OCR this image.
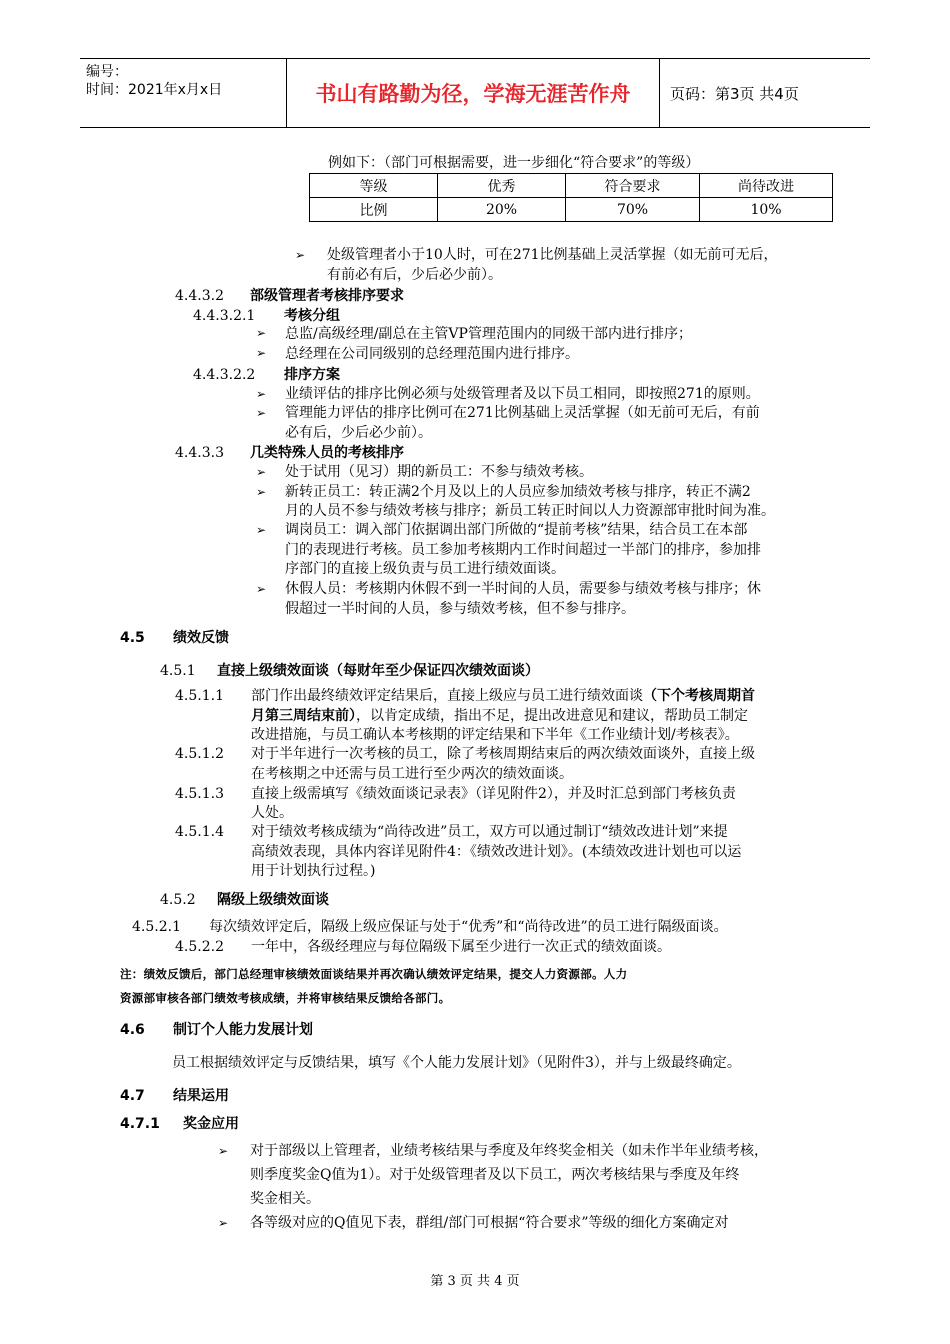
编号：
时间：2021年x月x日	书山有路勤为径，学海无涯苦作舟	页码：第3页 共4页
例如下：（部门可根据需要，进一步细化“符合要求”的等级）
等级	优秀	符合要求	尚待改进
比例	20%	70%	10%
➢ 处级管理者小于10人时，可在271比例基础上灵活掌握（如无前可无后，
有前必有后，少后必少前）。
4.4.3.2 部级管理者考核排序要求
4.4.3.2.1 考核分组
➢ 总监/高级经理/副总在主管VP管理范围内的同级干部内进行排序；
➢ 总经理在公司同级别的总经理范围内进行排序。
4.4.3.2.2 排序方案
➢ 业绩评估的排序比例必须与处级管理者及以下员工相同，即按照271的原则。
➢ 管理能力评估的排序比例可在271比例基础上灵活掌握（如无前可无后，有前
必有后，少后必少前）。
4.4.3.3 几类特殊人员的考核排序
➢ 处于试用（见习）期的新员工：不参与绩效考核。
➢ 新转正员工：转正满2个月及以上的人员应参加绩效考核与排序，转正不满2
月的人员不参与绩效考核与排序；新员工转正时间以人力资源部审批时间为准。
➢ 调岗员工：调入部门依据调出部门所做的“提前考核”结果，结合员工在本部
门的表现进行考核。员工参加考核期内工作时间超过一半部门的排序，参加排
序部门的直接上级负责与员工进行绩效面谈。
➢ 休假人员：考核期内休假不到一半时间的人员，需要参与绩效考核与排序；休
假超过一半时间的人员，参与绩效考核，但不参与排序。
4.5 绩效反馈
4.5.1 直接上级绩效面谈（每财年至少保证四次绩效面谈）
4.5.1.1 部门作出最终绩效评定结果后，直接上级应与员工进行绩效面谈（下个考核周期首
月第三周结束前），以肯定成绩，指出不足，提出改进意见和建议，帮助员工制定
改进措施，与员工确认本考核期的评定结果和下半年《工作业绩计划/考核表》。
4.5.1.2 对于半年进行一次考核的员工，除了考核周期结束后的两次绩效面谈外，直接上级
在考核期之中还需与员工进行至少两次的绩效面谈。
4.5.1.3 直接上级需填写《绩效面谈记录表》（详见附件2），并及时汇总到部门考核负责
人处。
4.5.1.4 对于绩效考核成绩为“尚待改进”员工，双方可以通过制订“绩效改进计划”来提
高绩效表现，具体内容详见附件4：《绩效改进计划》。(本绩效改进计划也可以运
用于计划执行过程。)
4.5.2 隔级上级绩效面谈
4.5.2.1 每次绩效评定后，隔级上级应保证与处于“优秀”和“尚待改进”的员工进行隔级面谈。
4.5.2.2 一年中，各级经理应与每位隔级下属至少进行一次正式的绩效面谈。
注：绩效反馈后，部门总经理审核绩效面谈结果并再次确认绩效评定结果，提交人力资源部。人力
资源部审核各部门绩效考核成绩，并将审核结果反馈给各部门。
4.6 制订个人能力发展计划
员工根据绩效评定与反馈结果，填写《个人能力发展计划》（见附件3），并与上级最终确定。
4.7 结果运用
4.7.1 奖金应用
➢ 对于部级以上管理者，业绩考核结果与季度及年终奖金相关（如未作半年业绩考核，
则季度奖金Q值为1）。对于处级管理者及以下员工，两次考核结果与季度及年终
奖金相关。
➢ 各等级对应的Q值见下表，群组/部门可根据“符合要求”等级的细化方案确定对
第 3 页 共 4 页
